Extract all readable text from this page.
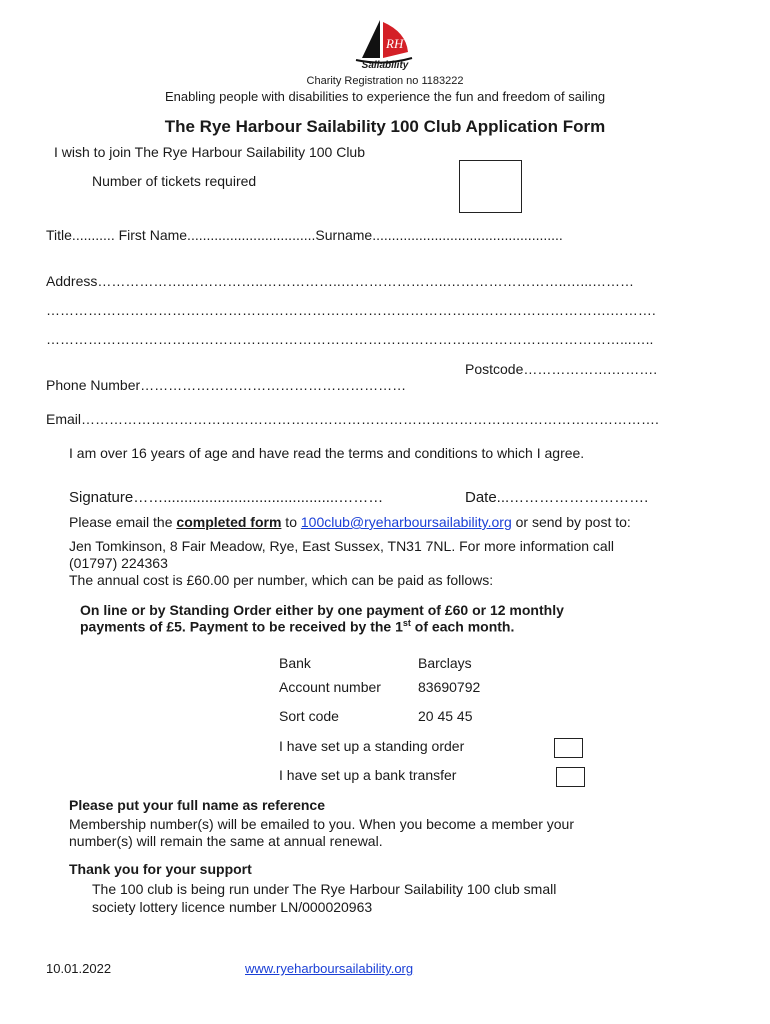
RH
Sailability
Charity Registration no 1183222
Enabling people with disabilities to experience the fun and freedom of sailing
The Rye Harbour Sailability 100 Club Application Form
I wish to join The Rye Harbour Sailability 100 Club
Number of tickets required
Title........... First Name.................................Surname.................................................
Address……………….……………..……………..…………………..……………………..…...………
………………………………………………………………………………………………………….……….
……………………………………………………………………………………………………………...…..
Postcode……………….……….
Phone Number…………………………………………………
Email…………………………………………………………………………………………………………….
I am over 16 years of age and have read the terms and conditions to which I agree.
Signature……..........................................………	Date...……………………….
Please email the completed form to 100club@ryeharboursailability.org or send by post to:
Jen Tomkinson, 8 Fair Meadow, Rye, East Sussex, TN31 7NL. For more information call
(01797) 224363
The annual cost is £60.00 per number, which can be paid as follows:
On line or by Standing Order either by one payment of £60 or 12 monthly
payments of £5. Payment to be received by the 1st of each month.
Bank	Barclays
Account number	83690792
Sort code	20 45 45
I have set up a standing order
I have set up a bank transfer
Please put your full name as reference
Membership number(s) will be emailed to you. When you become a member your
number(s) will remain the same at annual renewal.
Thank you for your support
The 100 club is being run under The Rye Harbour Sailability 100 club small
society lottery licence number LN/000020963
10.01.2022	www.ryeharboursailability.org
